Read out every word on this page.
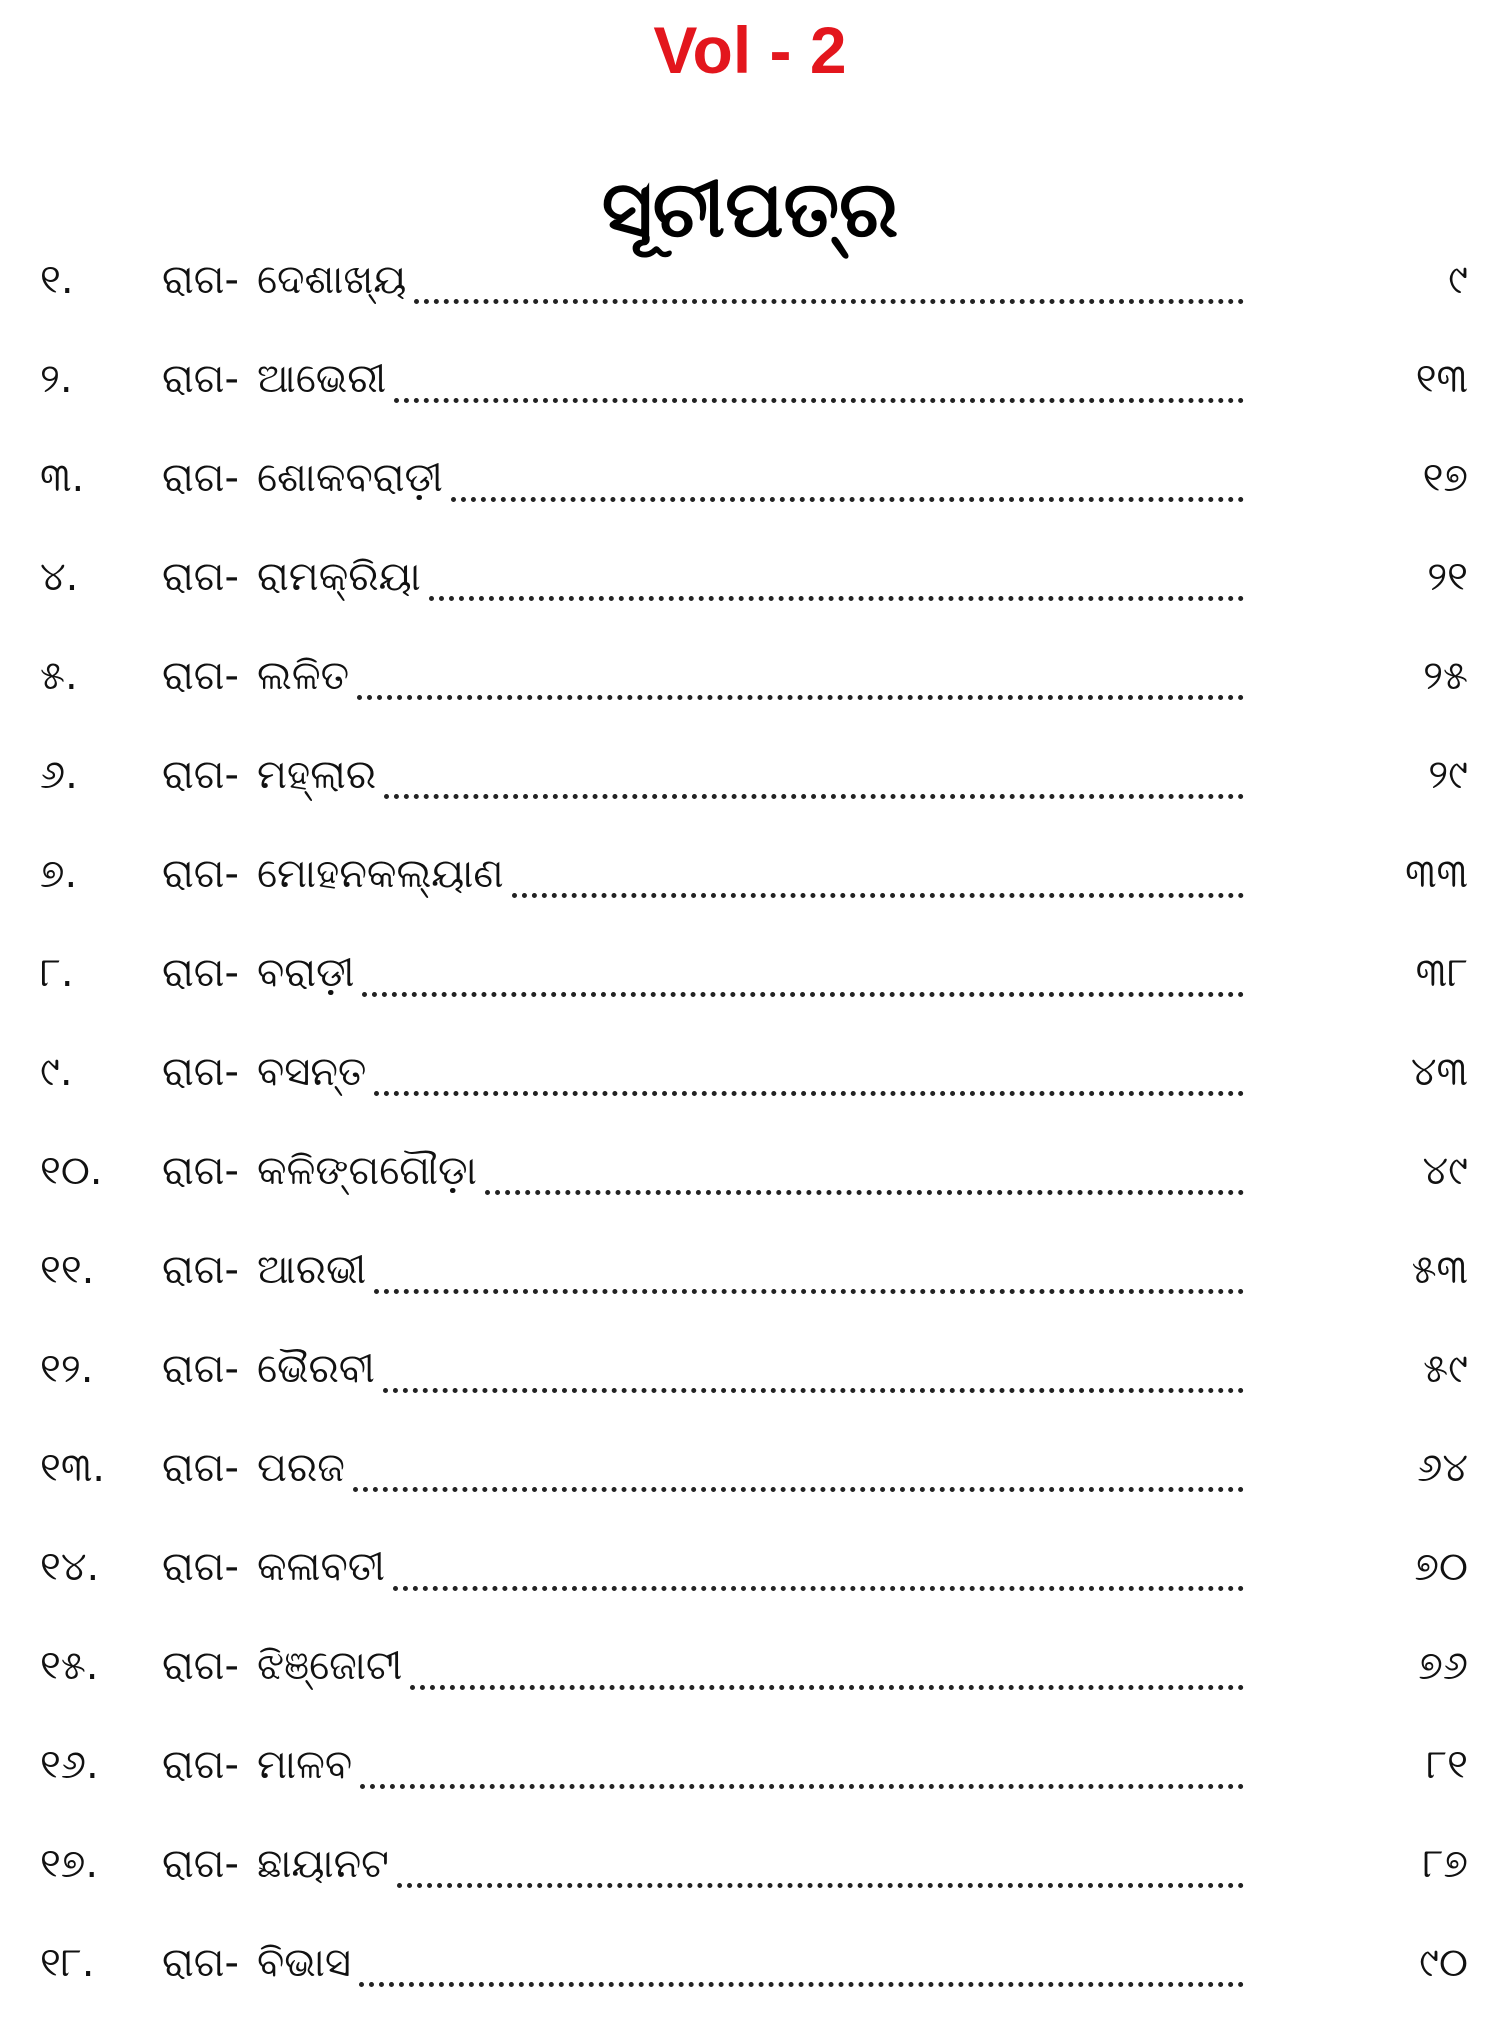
Vol - 2
ସୂଚୀପତ୍ର
୧.	ରାଗ- ଦେଶାଖ୍ୟ	୯
୨.	ରାଗ- ଆଭେରୀ	୧୩
୩.	ରାଗ- ଶୋକବରାଡ଼ୀ	୧୭
୪.	ରାଗ- ରାମକ୍ରିୟା	୨୧
୫.	ରାଗ- ଲଳିତ	୨୫
୬.	ରାଗ- ମହ୍ଲାର	୨୯
୭.	ରାଗ- ମୋହନକଲ୍ୟାଣ	୩୩
୮.	ରାଗ- ବରାଡ଼ୀ	୩୮
୯.	ରାଗ- ବସନ୍ତ	୪୩
୧୦.	ରାଗ- କଳିଙ୍ଗଗୌଡ଼ା	୪୯
୧୧.	ରାଗ- ଆରଭୀ	୫୩
୧୨.	ରାଗ- ଭୈରବୀ	୫୯
୧୩.	ରାଗ- ପରଜ	୬୪
୧୪.	ରାଗ- କଳାବତୀ	୭୦
୧୫.	ରାଗ- ଝିଞ୍ଜୋଟୀ	୭୬
୧୬.	ରାଗ- ମାଳବ	୮୧
୧୭.	ରାଗ- ଛାୟାନଟ	୮୭
୧୮.	ରାଗ- ବିଭାସ	୯୦
